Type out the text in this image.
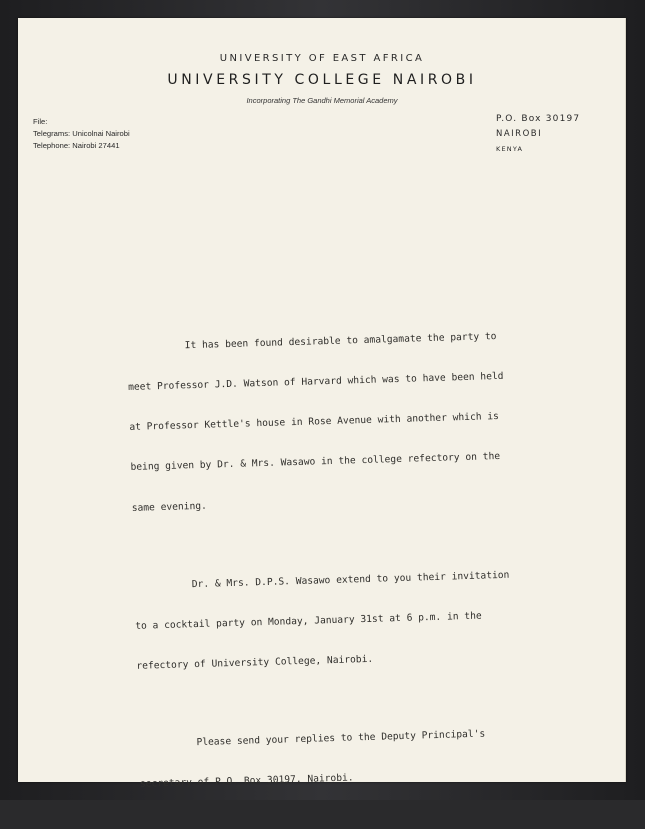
UNIVERSITY OF EAST AFRICA
UNIVERSITY COLLEGE NAIROBI
Incorporating The Gandhi Memorial Academy
File:
Telegrams: Unicolnai Nairobi
Telephone: Nairobi 27441
P.O. Box 30197
NAIROBI
KENYA

It has been found desirable to amalgamate the party to

meet Professor J.D. Watson of Harvard which was to have been held

at Professor Kettle's house in Rose Avenue with another which is

being given by Dr. & Mrs. Wasawo in the college refectory on the

same evening.

Dr. & Mrs. D.P.S. Wasawo extend to you their invitation

to a cocktail party on Monday, January 31st at 6 p.m. in the

refectory of University College, Nairobi.

Please send your replies to the Deputy Principal's

secretary of P.O. Box 30197, Nairobi.
